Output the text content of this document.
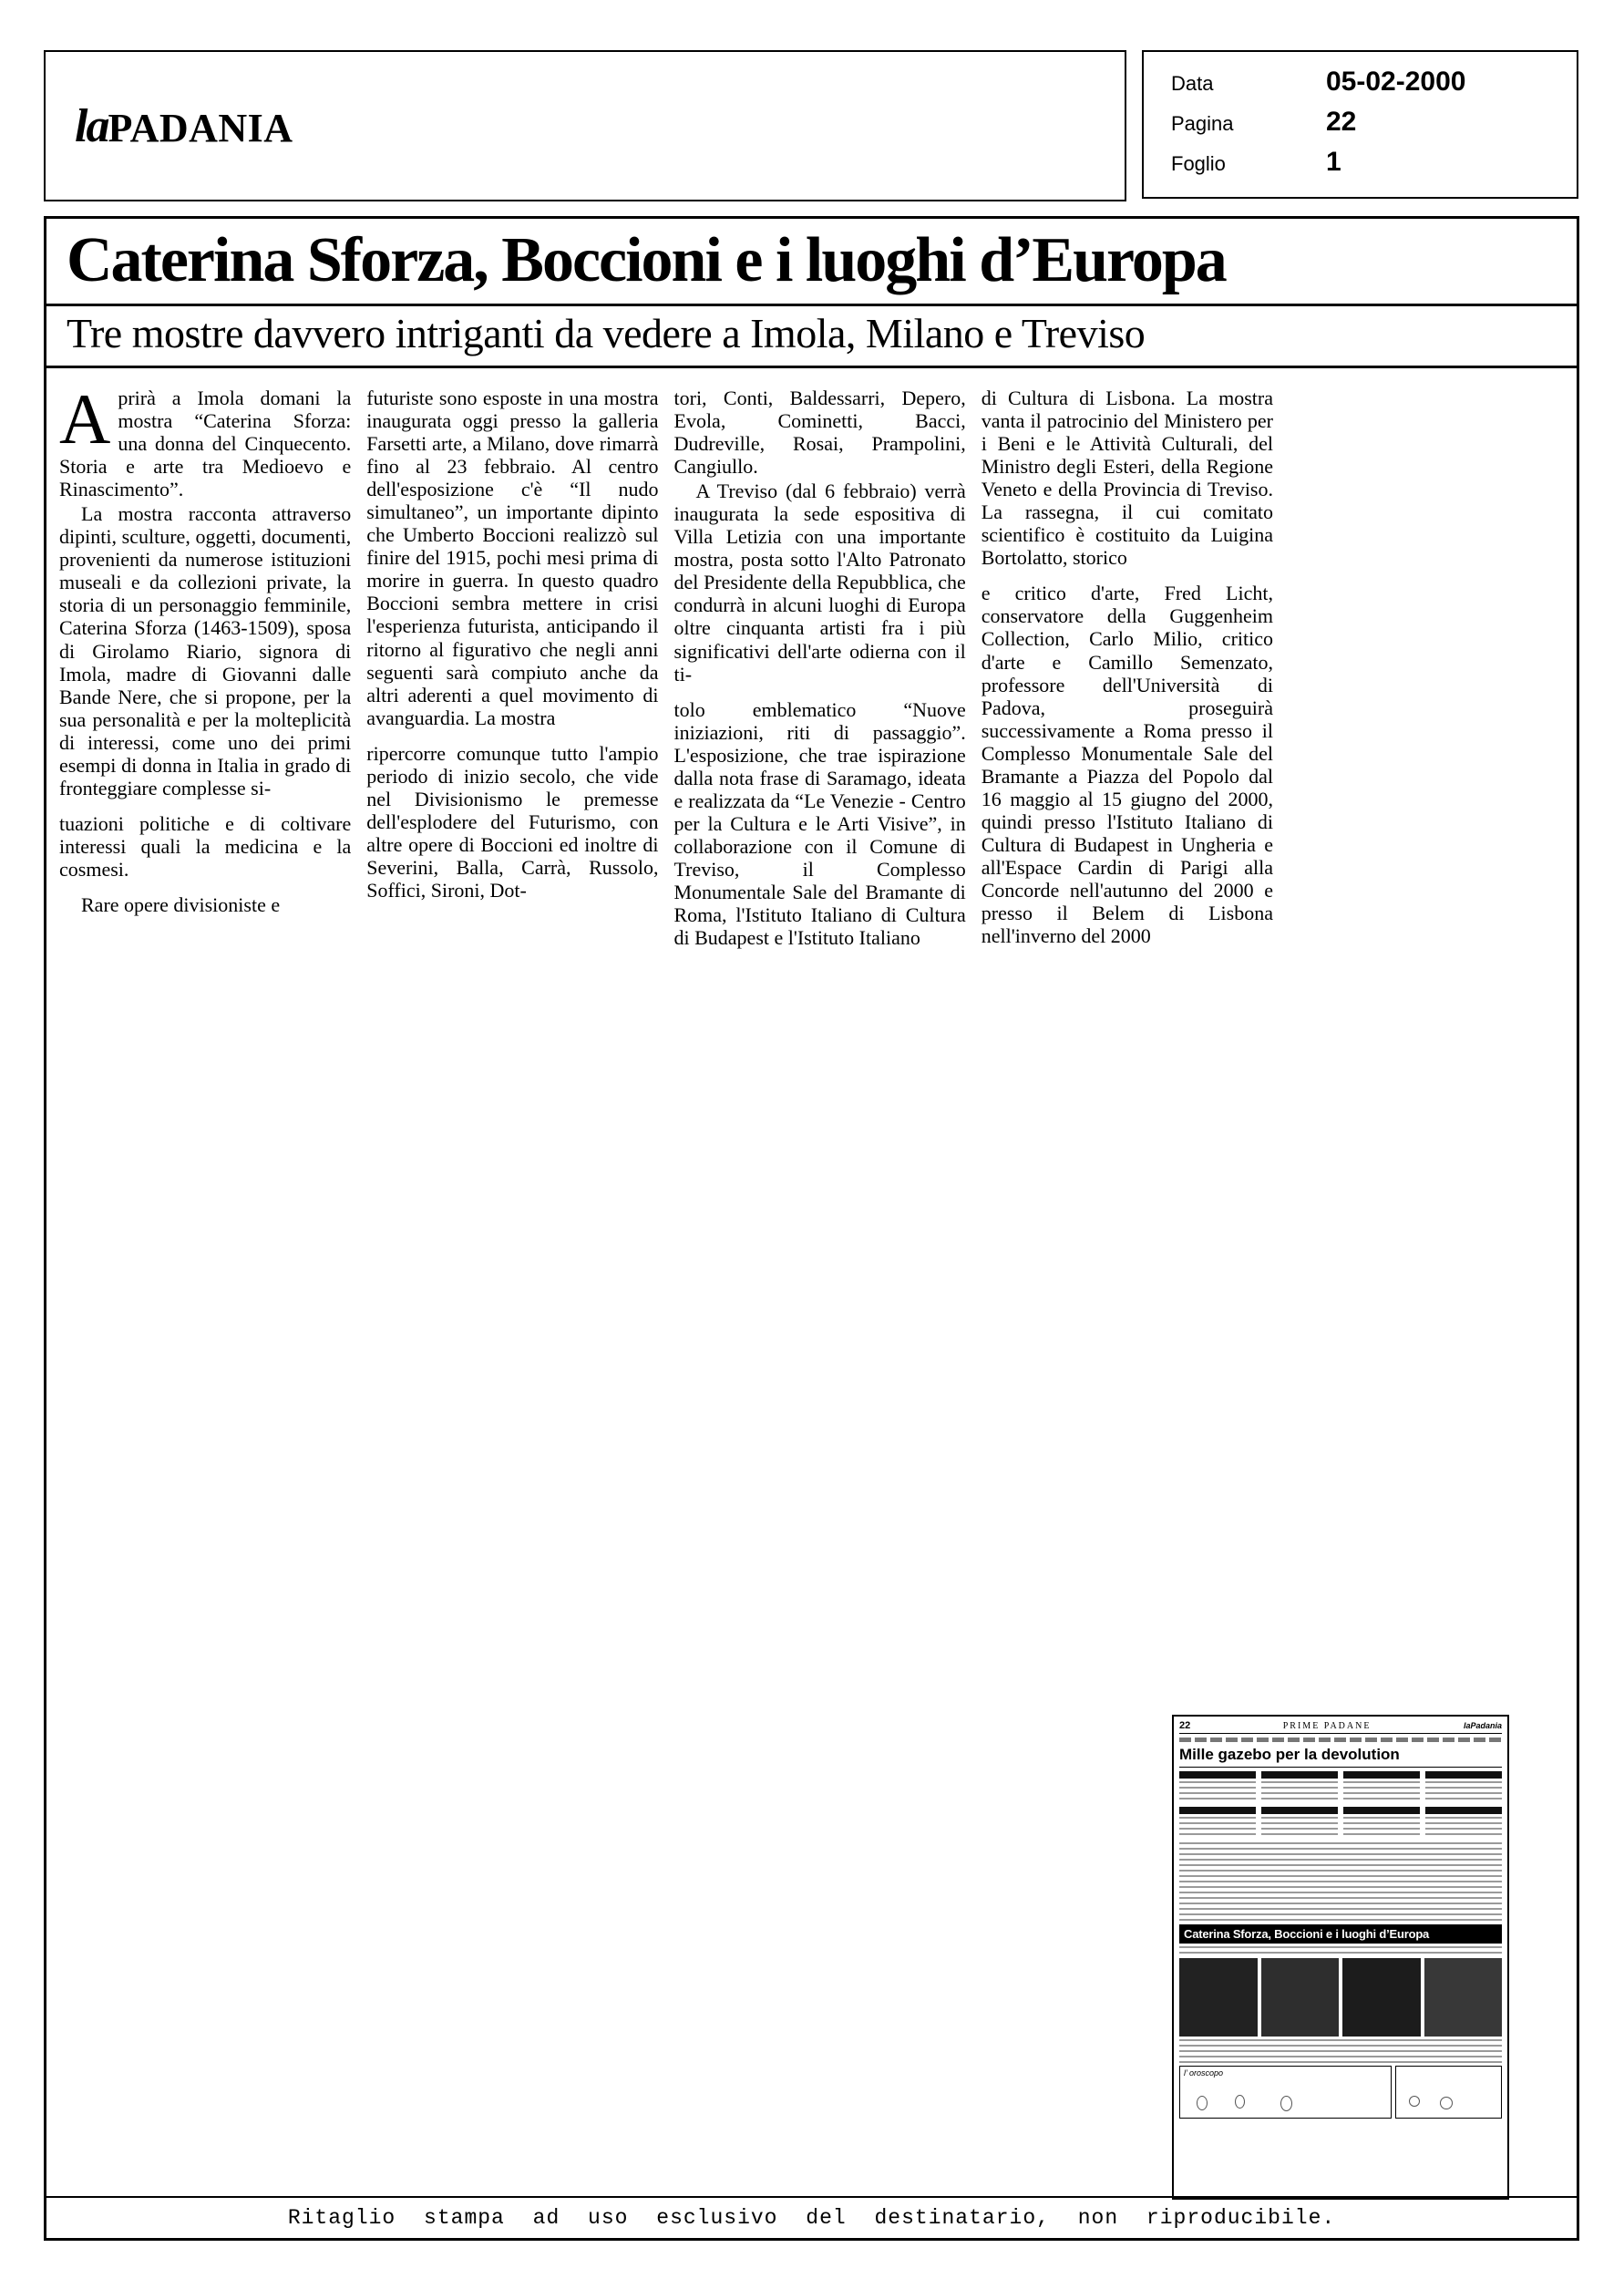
laPADANIA
Data	05-02-2000
Pagina	22
Foglio	1
Caterina Sforza, Boccioni e i luoghi d’Europa
Tre mostre davvero intriganti da vedere a Imola, Milano e Treviso

Aprirà a Imola domani la mostra “Caterina Sforza: una donna del Cinquecento. Storia e arte tra Medioevo e Rinascimento”.

La mostra racconta attraverso dipinti, sculture, oggetti, documenti, provenienti da numerose istituzioni museali e da collezioni private, la storia di un personaggio femminile, Caterina Sforza (1463-1509), sposa di Girolamo Riario, signora di Imola, madre di Giovanni dalle Bande Nere, che si propone, per la sua personalità e per la molteplicità di interessi, come uno dei primi esempi di donna in Italia in grado di fronteggiare complesse si-

tuazioni politiche e di coltivare interessi quali la medicina e la cosmesi.

Rare opere divisioniste e

futuriste sono esposte in una mostra inaugurata oggi presso la galleria Farsetti arte, a Milano, dove rimarrà fino al 23 febbraio. Al centro dell'esposizione c'è “Il nudo simultaneo”, un importante dipinto che Umberto Boccioni realizzò sul finire del 1915, pochi mesi prima di morire in guerra. In questo quadro Boccioni sembra mettere in crisi l'esperienza futurista, anticipando il ritorno al figurativo che negli anni seguenti sarà compiuto anche da altri aderenti a quel movimento di avanguardia. La mostra

ripercorre comunque tutto l'ampio periodo di inizio secolo, che vide nel Divisionismo le premesse dell'esplodere del Futurismo, con altre opere di Boccioni ed inoltre di Severini, Balla, Carrà, Russolo, Soffici, Sironi, Dot-

tori, Conti, Baldessarri, Depero, Evola, Cominetti, Bacci, Dudreville, Rosai, Prampolini, Cangiullo.

A Treviso (dal 6 febbraio) verrà inaugurata la sede espositiva di Villa Letizia con una importante mostra, posta sotto l'Alto Patronato del Presidente della Repubblica, che condurrà in alcuni luoghi di Europa oltre cinquanta artisti fra i più significativi dell'arte odierna con il ti-

tolo emblematico “Nuove iniziazioni, riti di passaggio”. L'esposizione, che trae ispirazione dalla nota frase di Saramago, ideata e realizzata da “Le Venezie - Centro per la Cultura e le Arti Visive”, in collaborazione con il Comune di Treviso, il Complesso Monumentale Sale del Bramante di Roma, l'Istituto Italiano di Cultura di Budapest e l'Istituto Italiano

di Cultura di Lisbona. La mostra vanta il patrocinio del Ministero per i Beni e le Attività Culturali, del Ministro degli Esteri, della Regione Veneto e della Provincia di Treviso. La rassegna, il cui comitato scientifico è costituito da Luigina Bortolatto, storico

e critico d'arte, Fred Licht, conservatore della Guggenheim Collection, Carlo Milio, critico d'arte e Camillo Semenzato, professore dell'Università di Padova, proseguirà successivamente a Roma presso il Complesso Monumentale Sale del Bramante a Piazza del Popolo dal 16 maggio al 15 giugno del 2000, quindi presso l'Istituto Italiano di Cultura di Budapest in Ungheria e all'Espace Cardin di Parigi alla Concorde nell'autunno del 2000 e presso il Belem di Lisbona nell'inverno del 2000

22	PRIME PADANE	laPadania
Mille gazebo per la devolution
Caterina Sforza, Boccioni e i luoghi d’Europa
l’ oroscopo
Ritaglio stampa ad uso esclusivo del destinatario, non riproducibile.
